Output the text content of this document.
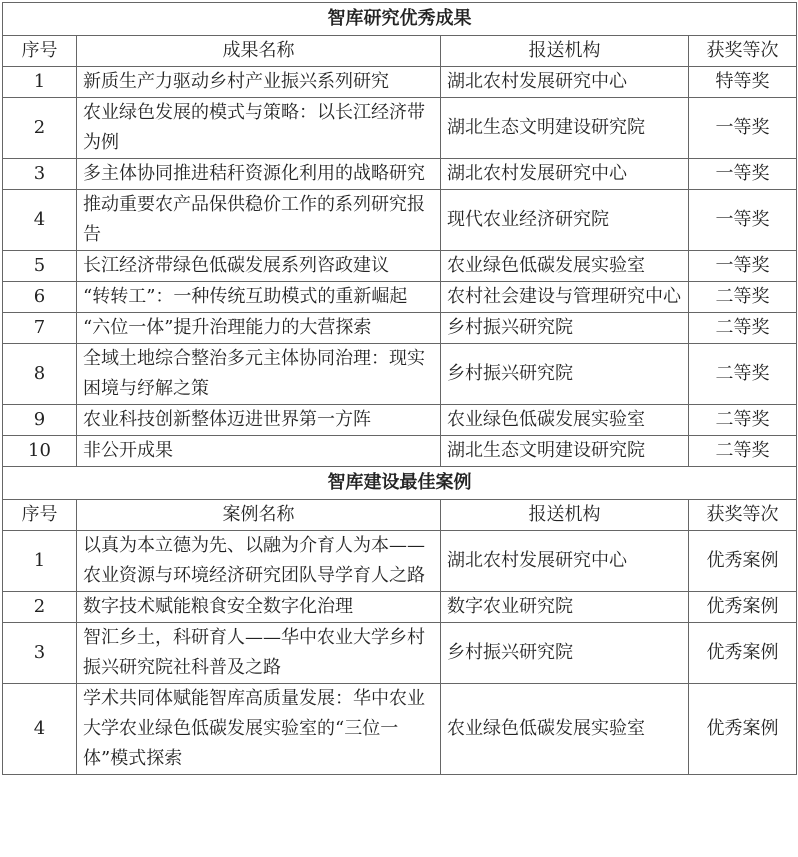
智库研究优秀成果			
序号	成果名称	报送机构	获奖等次
1	新质生产力驱动乡村产业振兴系列研究	湖北农村发展研究中心	特等奖
2	农业绿色发展的模式与策略：以长江经济带为例	湖北生态文明建设研究院	一等奖
3	多主体协同推进秸秆资源化利用的战略研究	湖北农村发展研究中心	一等奖
4	推动重要农产品保供稳价工作的系列研究报告	现代农业经济研究院	一等奖
5	长江经济带绿色低碳发展系列咨政建议	农业绿色低碳发展实验室	一等奖
6	“转转工”：一种传统互助模式的重新崛起	农村社会建设与管理研究中心	二等奖
7	“六位一体”提升治理能力的大营探索	乡村振兴研究院	二等奖
8	全域土地综合整治多元主体协同治理：现实困境与纾解之策	乡村振兴研究院	二等奖
9	农业科技创新整体迈进世界第一方阵	农业绿色低碳发展实验室	二等奖
10	非公开成果	湖北生态文明建设研究院	二等奖
智库建设最佳案例			
序号	案例名称	报送机构	获奖等次
1	以真为本立德为先、以融为介育人为本——农业资源与环境经济研究团队导学育人之路	湖北农村发展研究中心	优秀案例
2	数字技术赋能粮食安全数字化治理	数字农业研究院	优秀案例
3	智汇乡土，科研育人——华中农业大学乡村振兴研究院社科普及之路	乡村振兴研究院	优秀案例
4	学术共同体赋能智库高质量发展：华中农业大学农业绿色低碳发展实验室的“三位一体”模式探索	农业绿色低碳发展实验室	优秀案例
